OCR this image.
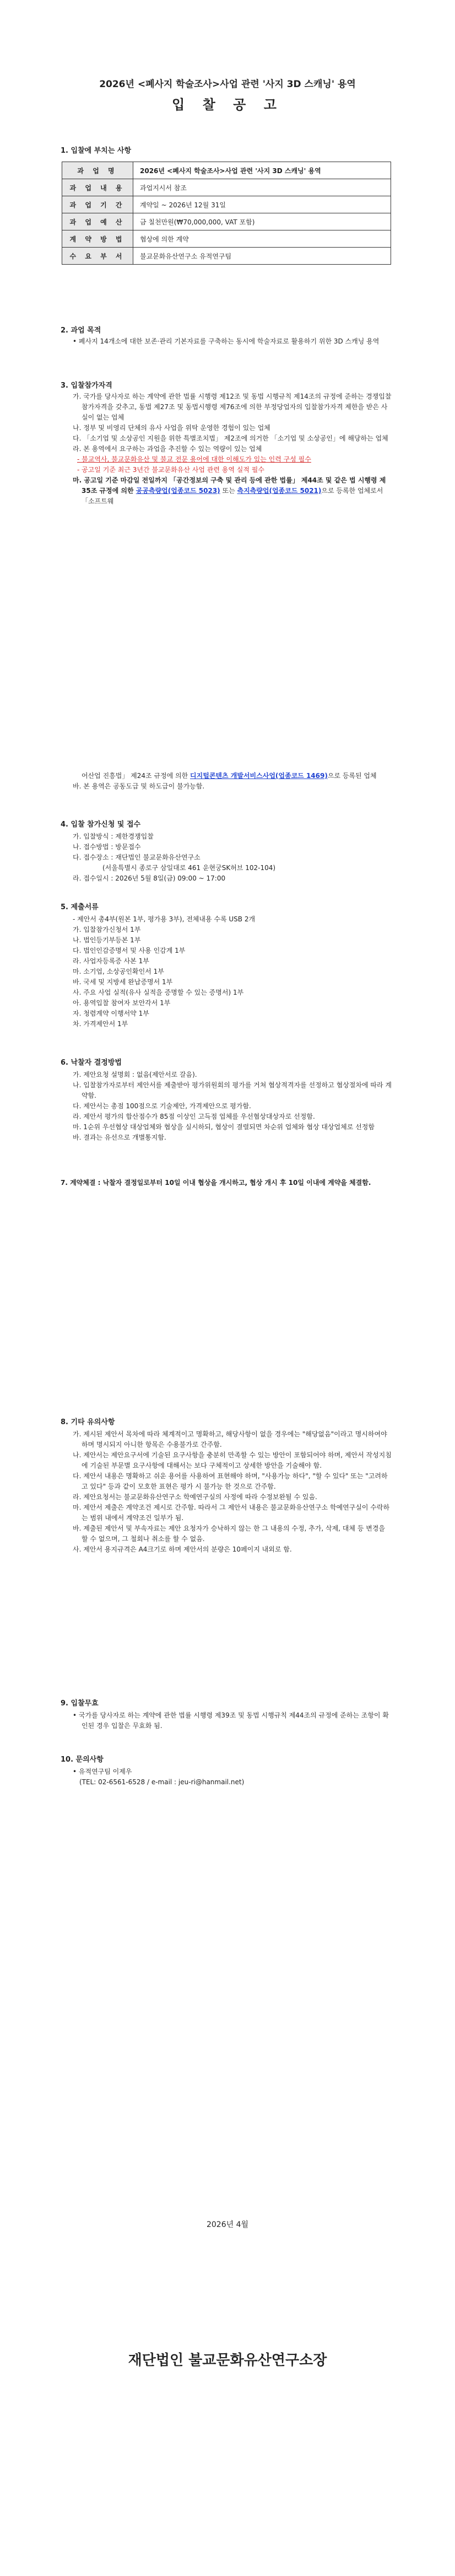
2026년 <폐사지 학술조사>사업 관련 '사지 3D 스캐닝' 용역
입 찰 공 고
1. 입찰에 부치는 사항
과 업 명	2026년 <폐사지 학술조사>사업 관련 '사지 3D 스캐닝' 용역
과 업 내 용	과업지시서 참조
과 업 기 간	계약일 ~ 2026년 12월 31일
과 업 예 산	금 칠천만원(₩70,000,000, VAT 포함)
계 약 방 법	협상에 의한 계약
수 요 부 서	불교문화유산연구소 유적연구팀
2. 과업 목적
• 폐사지 14개소에 대한 보존·관리 기본자료를 구축하는 동시에 학술자료로 활용하기 위한 3D 스캐닝 용역
3. 입찰참가자격
가. 국가를 당사자로 하는 계약에 관한 법률 시행령 제12조 및 동법 시행규칙 제14조의 규정에 준하는 경쟁입찰 참가자격을 갖추고, 동법 제27조 및 동법시행령 제76조에 의한 부정당업자의 입찰참가자격 제한을 받은 사실이 없는 업체
나. 정부 및 비영리 단체의 유사 사업을 위탁 운영한 경험이 있는 업체
다. 「소기업 및 소상공인 지원을 위한 특별조치법」 제2조에 의거한 「소기업 및 소상공인」에 해당하는 업체
라. 본 용역에서 요구하는 과업을 추진할 수 있는 역량이 있는 업체
- 불교역사, 불교문화유산 및 불교 전문 용어에 대한 이해도가 있는 인력 구성 필수
- 공고일 기준 최근 3년간 불교문화유산 사업 관련 용역 실적 필수
마. 공고일 기준 마감일 전일까지 「공간정보의 구축 및 관리 등에 관한 법률」 제44조 및 같은 법 시행령 제35조 규정에 의한 공공측량업(업종코드 5023) 또는 측지측량업(업종코드 5021)으로 등록한 업체로서 「소프트웨
어산업 진흥법」 제24조 규정에 의한 디지털콘텐츠 개발서비스사업(업종코드 1469)으로 등록된 업체
바. 본 용역은 공동도급 및 하도급이 불가능함.
4. 입찰 참가신청 및 접수
가. 입찰방식 : 제한경쟁입찰
나. 접수방법 : 방문접수
다. 접수장소 : 재단법인 불교문화유산연구소
(서울특별시 종로구 삼일대로 461 운현궁SK허브 102-104)
라. 접수일시 : 2026년 5월 8일(금) 09:00 ~ 17:00
5. 제출서류
- 제안서 총4부(원본 1부, 평가용 3부), 전체내용 수록 USB 2개
가. 입찰참가신청서 1부
나. 법인등기부등본 1부
다. 법인인감증명서 및 사용 인감계 1부
라. 사업자등록증 사본 1부
마. 소기업, 소상공인확인서 1부
바. 국세 및 지방세 완납증명서 1부
사. 주요 사업 실적(유사 실적을 증명할 수 있는 증명서) 1부
아. 용역입찰 참여자 보안각서 1부
자. 청렴계약 이행서약 1부
차. 가격제안서 1부
6. 낙찰자 결정방법
가. 제안요청 설명회 : 없음(제안서로 갈음).
나. 입찰참가자로부터 제안서를 제출받아 평가위원회의 평가를 거쳐 협상적격자를 선정하고 협상절차에 따라 계약함.
다. 제안서는 총점 100점으로 기술제안, 가격제안으로 평가함.
라. 제안서 평가의 합산점수가 85점 이상인 고득점 업체를 우선협상대상자로 선정함.
마. 1순위 우선협상 대상업체와 협상을 실시하되, 협상이 결렬되면 차순위 업체와 협상 대상업체로 선정함
바. 결과는 유선으로 개별통지함.
7. 계약체결 : 낙찰자 결정일로부터 10일 이내 협상을 개시하고, 협상 개시 후 10일 이내에 계약을 체결함.
8. 기타 유의사항
가. 제시된 제안서 목차에 따라 체계적이고 명확하고, 해당사항이 없을 경우에는 "해당없음"이라고 명시하여야 하며 명시되지 아니한 항목은 수용불가로 간주함.
나. 제안서는 제안요구서에 기술된 요구사항을 충분히 만족할 수 있는 방안이 포함되어야 하며, 제안서 작성지침에 기술된 부문별 요구사항에 대해서는 보다 구체적이고 상세한 방안을 기술해야 함.
다. 제안서 내용은 명확하고 쉬운 용어를 사용하여 표현해야 하며, "사용가능 하다", "할 수 있다" 또는 "고려하고 있다" 등과 같이 모호한 표현은 평가 시 불가능 한 것으로 간주함.
라. 제안요청서는 불교문화유산연구소 학예연구실의 사정에 따라 수정보완될 수 있음.
마. 제안서 제출은 계약조건 제시로 간주함. 따라서 그 제안서 내용은 불교문화유산연구소 학예연구실이 수락하는 범위 내에서 계약조건 일부가 됨.
바. 제출된 제안서 및 부속자료는 제안 요청자가 승낙하지 않는 한 그 내용의 수정, 추가, 삭제, 대체 등 변경을 할 수 없으며, 그 철회나 취소를 할 수 없음.
사. 제안서 용지규격은 A4크기로 하며 제안서의 분량은 10페이지 내외로 함.
9. 입찰무효
• 국가를 당사자로 하는 계약에 관한 법률 시행령 제39조 및 동법 시행규칙 제44조의 규정에 준하는 조항이 확인된 경우 입찰은 무효화 됨.
10. 문의사항
• 유적연구팀 이제우
(TEL: 02-6561-6528 / e-mail : jeu-ri@hanmail.net)
2026년 4월
재단법인 불교문화유산연구소장
